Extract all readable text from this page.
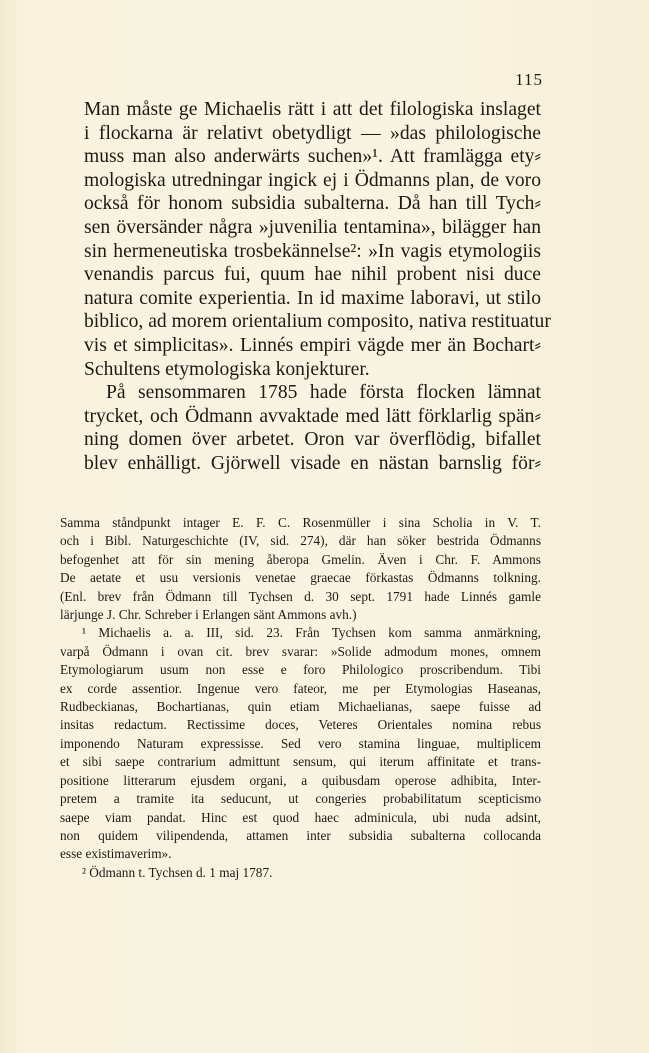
115
Man måste ge Michaelis rätt i att det filologiska inslaget
i flockarna är relativt obetydligt — »das philologische
muss man also anderwärts suchen»¹. Att framlägga ety⸗
mologiska utredningar ingick ej i Ödmanns plan, de voro
också för honom subsidia subalterna. Då han till Tych⸗
sen översänder några »juvenilia tentamina», bilägger han
sin hermeneutiska trosbekännelse²: »In vagis etymologiis
venandis parcus fui, quum hae nihil probent nisi duce
natura comite experientia. In id maxime laboravi, ut stilo
biblico, ad morem orientalium composito, nativa restituatur
vis et simplicitas». Linnés empiri vägde mer än Bochart⸗
Schultens etymologiska konjekturer.
På sensommaren 1785 hade första flocken lämnat
trycket, och Ödmann avvaktade med lätt förklarlig spän⸗
ning domen över arbetet. Oron var överflödig, bifallet
blev enhälligt. Gjörwell visade en nästan barnslig för⸗
Samma ståndpunkt intager E. F. C. Rosenmüller i sina Scholia in V. T.
och i Bibl. Naturgeschichte (IV, sid. 274), där han söker bestrida Ödmanns
befogenhet att för sin mening åberopa Gmelin. Även i Chr. F. Ammons
De aetate et usu versionis venetae graecae förkastas Ödmanns tolkning.
(Enl. brev från Ödmann till Tychsen d. 30 sept. 1791 hade Linnés gamle
lärjunge J. Chr. Schreber i Erlangen sänt Ammons avh.)
¹ Michaelis a. a. III, sid. 23. Från Tychsen kom samma anmärkning,
varpå Ödmann i ovan cit. brev svarar: »Solide admodum mones, omnem
Etymologiarum usum non esse e foro Philologico proscribendum. Tibi
ex corde assentior. Ingenue vero fateor, me per Etymologias Haseanas,
Rudbeckianas, Bochartianas, quin etiam Michaelianas, saepe fuisse ad
insitas redactum. Rectissime doces, Veteres Orientales nomina rebus
imponendo Naturam expressisse. Sed vero stamina linguae, multiplicem
et sibi saepe contrarium admittunt sensum, qui iterum affinitate et trans-
positione litterarum ejusdem organi, a quibusdam operose adhibita, Inter-
pretem a tramite ita seducunt, ut congeries probabilitatum scepticismo
saepe viam pandat. Hinc est quod haec adminicula, ubi nuda adsint,
non quidem vilipendenda, attamen inter subsidia subalterna collocanda
esse existimaverim».
² Ödmann t. Tychsen d. 1 maj 1787.
